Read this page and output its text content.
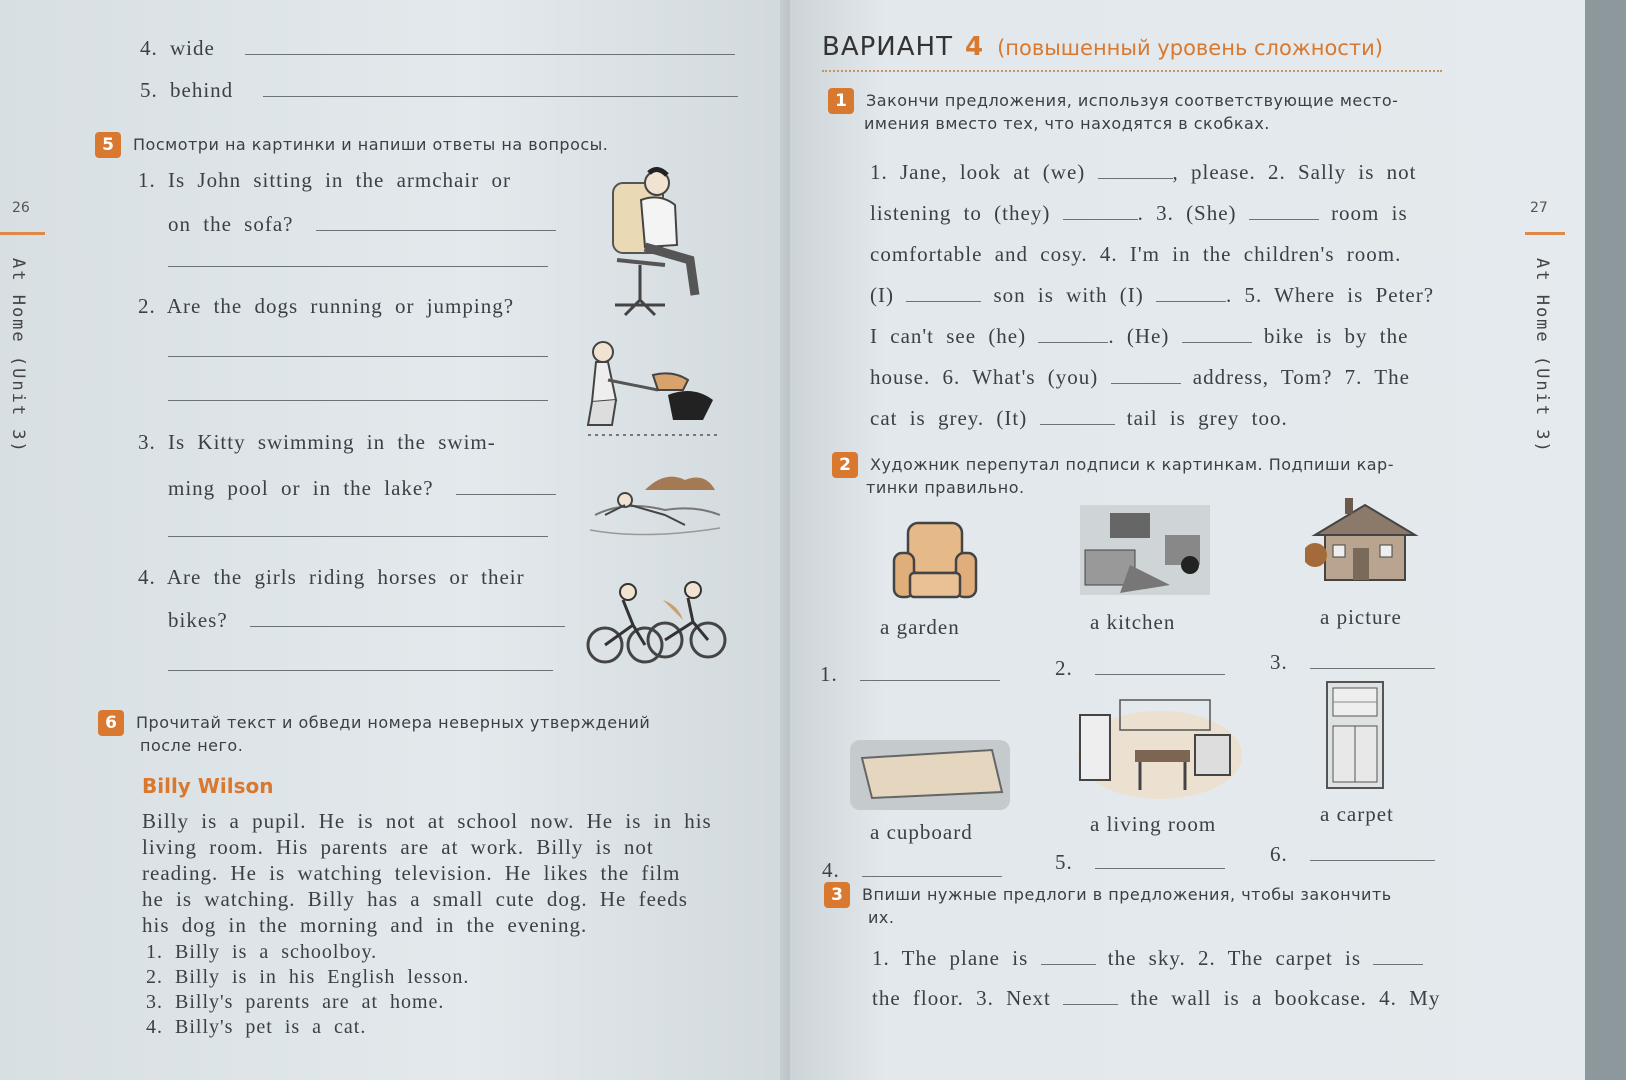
26
At Home (Unit 3)
4. wide
5. behind
5 Посмотри на картинки и напиши ответы на вопросы.
1. Is John sitting in the armchair or
on the sofa?
2. Are the dogs running or jumping?
3. Is Kitty swimming in the swim-
ming pool or in the lake?
4. Are the girls riding horses or their
bikes?
6 Прочитай текст и обведи номера неверных утверждений
после него.
Billy Wilson
Billy is a pupil. He is not at school now. He is in his
living room. His parents are at work. Billy is not
reading. He is watching television. He likes the film
he is watching. Billy has a small cute dog. He feeds
his dog in the morning and in the evening.
1. Billy is a schoolboy.
2. Billy is in his English lesson.
3. Billy's parents are at home.
4. Billy's pet is a cat.
ВАРИАНТ 4 (повышенный уровень сложности)
27
At Home (Unit 3)
1 Закончи предложения, используя соответствующие место-
имения вместо тех, что находятся в скобках.
1. Jane, look at (we)	, please. 2. Sally is not
listening to (they)	. 3. (She)	room is
comfortable and cosy. 4. I'm in the children's room.
(I)	son is with (I)	. 5. Where is Peter?
I can't see (he)	. (He)	bike is by the
house. 6. What's (you)	address, Tom? 7. The
cat is grey. (It)	tail is grey too.
2 Художник перепутал подписи к картинкам. Подпиши кар-
тинки правильно.
a garden	a kitchen	a picture
1.	2.	3.
a cupboard	a living room	a carpet
4.	5.	6.
3 Впиши нужные предлоги в предложения, чтобы закончить
их.
1. The plane is	the sky. 2. The carpet is
the floor. 3. Next	the wall is a bookcase. 4. My
